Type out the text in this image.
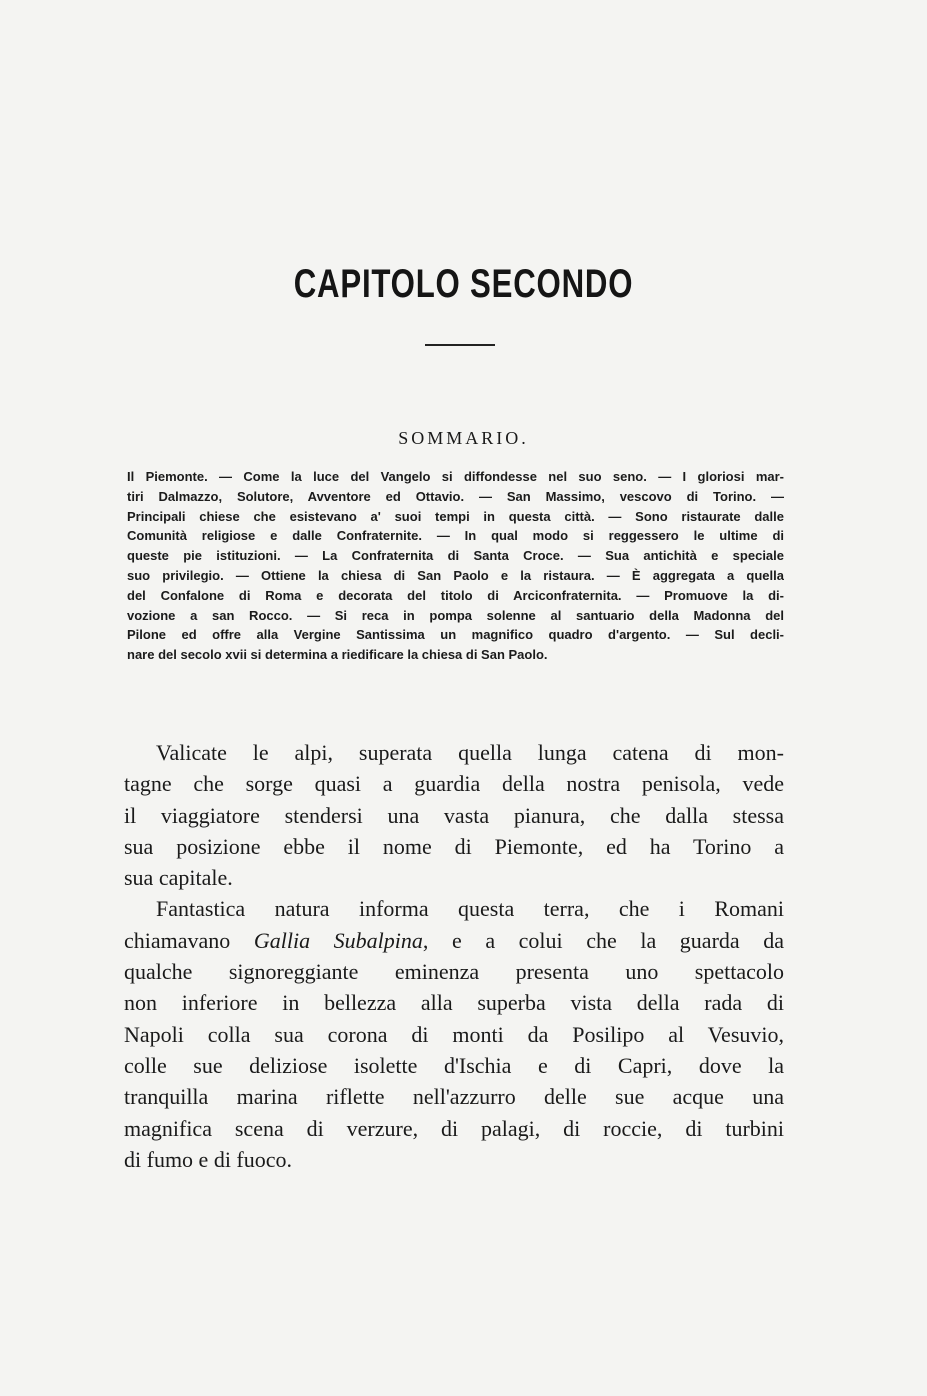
CAPITOLO SECONDO
SOMMARIO.
Il Piemonte. — Come la luce del Vangelo si diffondesse nel suo seno. — I gloriosi mar-
tiri Dalmazzo, Solutore, Avventore ed Ottavio. — San Massimo, vescovo di Torino. —
Principali chiese che esistevano a' suoi tempi in questa città. — Sono ristaurate dalle
Comunità religiose e dalle Confraternite. — In qual modo si reggessero le ultime di
queste pie istituzioni. — La Confraternita di Santa Croce. — Sua antichità e speciale
suo privilegio. — Ottiene la chiesa di San Paolo e la ristaura. — È aggregata a quella
del Confalone di Roma e decorata del titolo di Arciconfraternita. — Promuove la di-
vozione a san Rocco. — Si reca in pompa solenne al santuario della Madonna del
Pilone ed offre alla Vergine Santissima un magnifico quadro d'argento. — Sul decli-
nare del secolo xvii si determina a riedificare la chiesa di San Paolo.
Valicate le alpi, superata quella lunga catena di mon-
tagne che sorge quasi a guardia della nostra penisola, vede
il viaggiatore stendersi una vasta pianura, che dalla stessa
sua posizione ebbe il nome di Piemonte, ed ha Torino a
sua capitale.
Fantastica natura informa questa terra, che i Romani
chiamavano Gallia Subalpina, e a colui che la guarda da
qualche signoreggiante eminenza presenta uno spettacolo
non inferiore in bellezza alla superba vista della rada di
Napoli colla sua corona di monti da Posilipo al Vesuvio,
colle sue deliziose isolette d'Ischia e di Capri, dove la
tranquilla marina riflette nell'azzurro delle sue acque una
magnifica scena di verzure, di palagi, di roccie, di turbini
di fumo e di fuoco.
